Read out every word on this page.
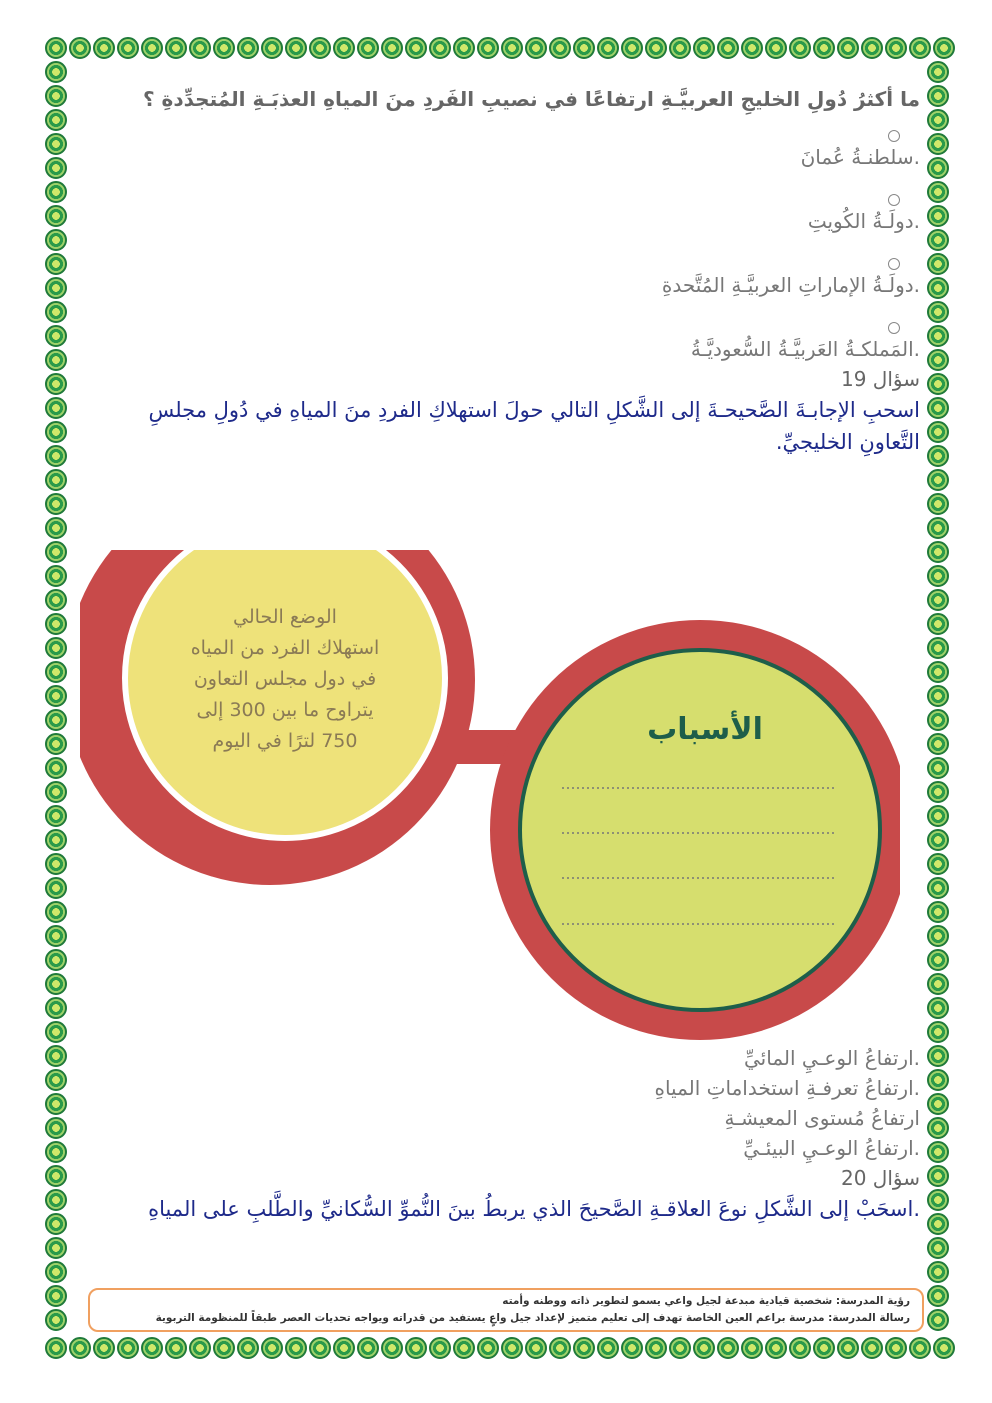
ما أكثرُ دُولِ الخليجِ العربيَّـةِ ارتفاعًا في نصيبِ الفَردِ منَ المياهِ العذبَـةِ المُتجدِّدةِ ؟
.سلطنـةُ عُمانَ
.دولَـةُ الكُويتِ
.دولَـةُ الإماراتِ العربيَّـةِ المُتَّحدةِ
.المَملكـةُ العَربيَّـةُ السُّعوديَّـةُ
سؤال 19
اسحبِ الإجابـةَ الصَّحيحـةَ إلى الشَّكلِ التالي حولَ استهلاكِ الفردِ منَ المياهِ في دُولِ مجلسِ التَّعاونِ الخليجيِّ.
الوضع الحالي
استهلاك الفرد من المياه
في دول مجلس التعاون
يتراوح ما بين 300 إلى
750 لترًا في اليوم	الأسباب
.ارتفاعُ الوعـيِ المائيِّ
.ارتفاعُ تعرفـةِ استخداماتِ المياهِ
ارتفاعُ مُستوى المعيشـةِ
.ارتفاعُ الوعـيِ البيئـيِّ
سؤال 20
.اسحَبْ إلى الشَّكلِ نوعَ العلاقـةِ الصَّحيحَ الذي يربطُ بينَ النُّموِّ السُّكانيِّ والطَّلبِ على المياهِ
رؤية المدرسة: شخصية قيادية مبدعة لجيل واعي يسمو لتطوير ذاته ووطنه وأمته
رسالة المدرسة: مدرسة براعم العين الخاصة تهدف إلى تعليم متميز لإعداد جيل واعٍ يستفيد من قدراته ويواجه تحديات العصر طبقاً للمنظومة التربوية
